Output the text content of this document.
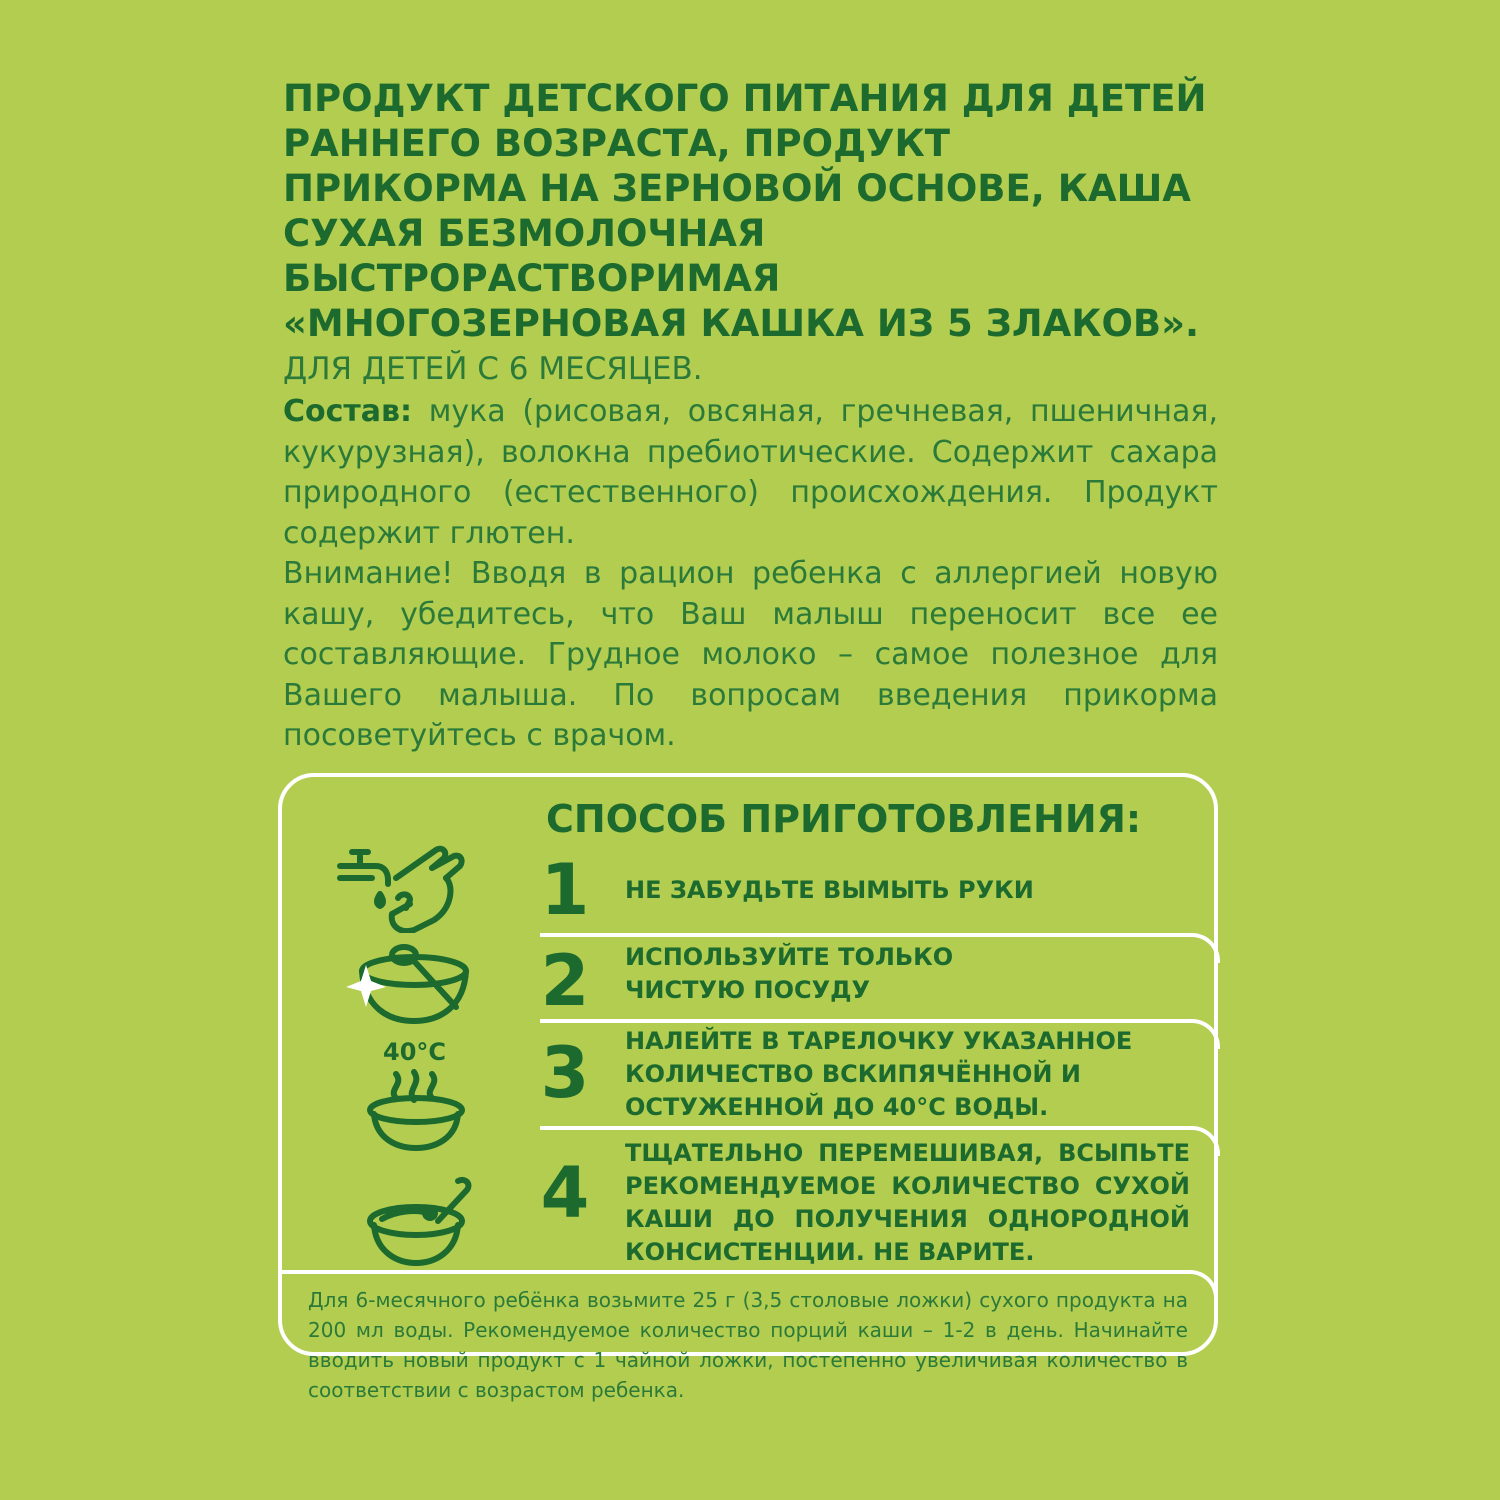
ПРОДУКТ ДЕТСКОГО ПИТАНИЯ ДЛЯ ДЕТЕЙ
РАННЕГО ВОЗРАСТА, ПРОДУКТ
ПРИКОРМА НА ЗЕРНОВОЙ ОСНОВЕ, КАША
СУХАЯ БЕЗМОЛОЧНАЯ
БЫСТРОРАСТВОРИМАЯ
«МНОГОЗЕРНОВАЯ КАШКА ИЗ 5 ЗЛАКОВ».
ДЛЯ ДЕТЕЙ С 6 МЕСЯЦЕВ.

Состав: мука (рисовая, овсяная, гречневая, пшеничная, кукурузная), волокна пребиотические. Содержит сахара природного (естественного) происхождения. Продукт содержит глютен.

Внимание! Вводя в рацион ребенка с аллергией новую кашу, убедитесь, что Ваш малыш переносит все ее составляющие. Грудное молоко – самое полезное для Вашего малыша. По вопросам введения прикорма посоветуйтесь с врачом.

СПОСОБ ПРИГОТОВЛЕНИЯ:
40°С
1 НЕ ЗАБУДЬТЕ ВЫМЫТЬ РУКИ
2 ИСПОЛЬЗУЙТЕ ТОЛЬКО
ЧИСТУЮ ПОСУДУ
3 НАЛЕЙТЕ В ТАРЕЛОЧКУ УКАЗАННОЕ
КОЛИЧЕСТВО ВСКИПЯЧЁННОЙ И
ОСТУЖЕННОЙ ДО 40°С ВОДЫ.
4 ТЩАТЕЛЬНО ПЕРЕМЕШИВАЯ, ВСЫПЬТЕ РЕКОМЕНДУЕМОЕ КОЛИЧЕСТВО СУХОЙ КАШИ ДО ПОЛУЧЕНИЯ ОДНОРОДНОЙ КОНСИСТЕНЦИИ. НЕ ВАРИТЕ.
Для 6-месячного ребёнка возьмите 25 г (3,5 столовые ложки) сухого продукта на 200 мл воды. Рекомендуемое количество порций каши – 1-2 в день. Начинайте вводить новый продукт с 1 чайной ложки, постепенно увеличивая количество в соответствии с возрастом ребенка.
